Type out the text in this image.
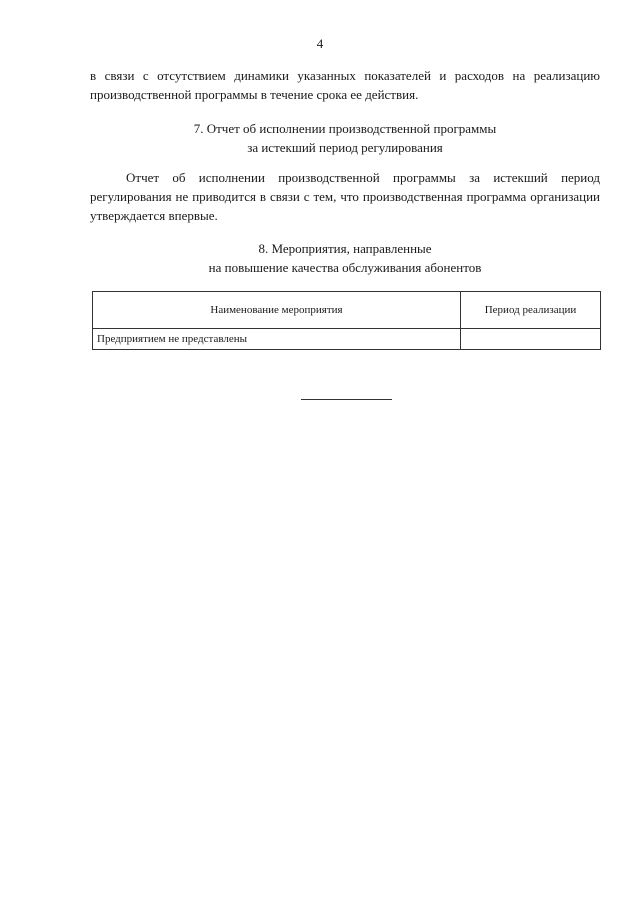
4
в связи с отсутствием динамики указанных показателей и расходов на реализацию производственной программы в течение срока ее действия.
7. Отчет об исполнении производственной программы
за истекший период регулирования
Отчет об исполнении производственной программы за истекший период регулирования не приводится в связи с тем, что производственная программа организации утверждается впервые.
8. Мероприятия, направленные
на повышение качества обслуживания абонентов
Наименование мероприятия	Период реализации
Предприятием не представлены	
